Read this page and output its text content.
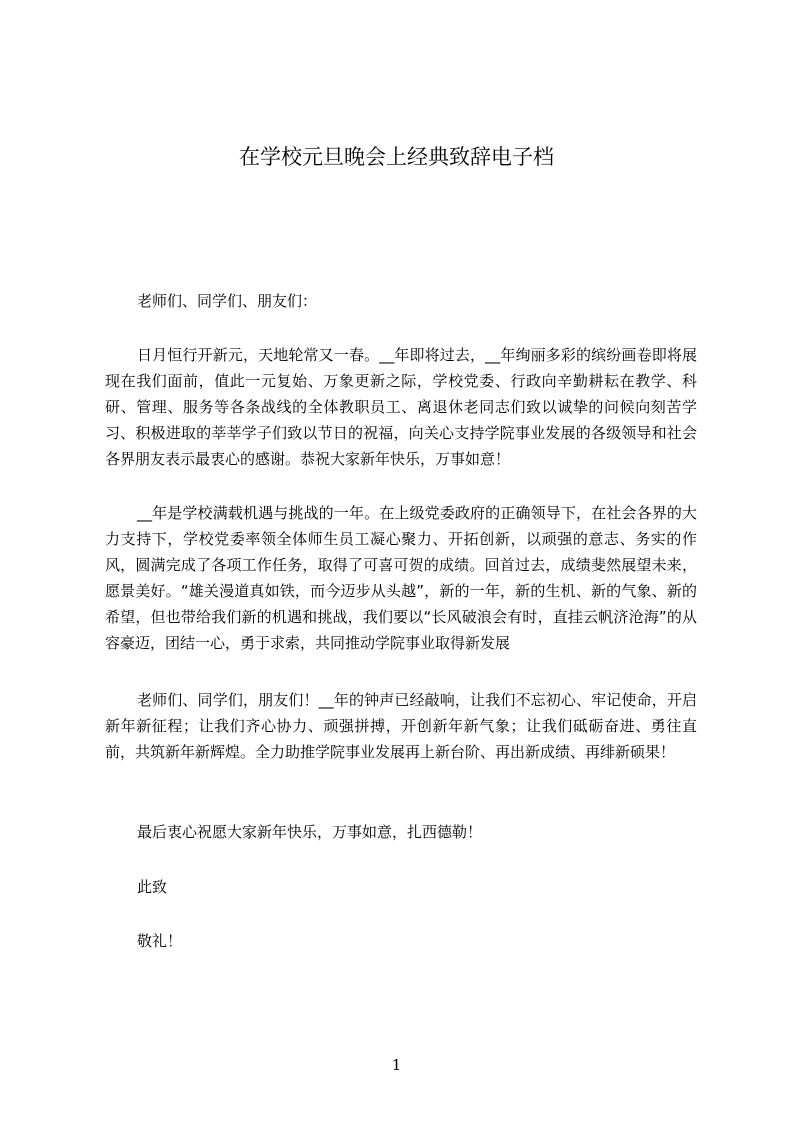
在学校元旦晚会上经典致辞电子档

老师们、同学们、朋友们：

日月恒行开新元，天地轮常又一春。__年即将过去，__年绚丽多彩的缤纷画卷即将展现在我们面前，值此一元复始、万象更新之际，学校党委、行政向辛勤耕耘在教学、科研、管理、服务等各条战线的全体教职员工、离退休老同志们致以诚挚的问候向刻苦学习、积极进取的莘莘学子们致以节日的祝福，向关心支持学院事业发展的各级领导和社会各界朋友表示最衷心的感谢。恭祝大家新年快乐，万事如意！

__年是学校满载机遇与挑战的一年。在上级党委政府的正确领导下，在社会各界的大力支持下，学校党委率领全体师生员工凝心聚力、开拓创新，以顽强的意志、务实的作风，圆满完成了各项工作任务，取得了可喜可贺的成绩。回首过去，成绩斐然展望未来，愿景美好。“雄关漫道真如铁，而今迈步从头越”，新的一年，新的生机、新的气象、新的希望，但也带给我们新的机遇和挑战，我们要以“长风破浪会有时，直挂云帆济沧海”的从容豪迈，团结一心，勇于求索，共同推动学院事业取得新发展

老师们、同学们，朋友们！__年的钟声已经敲响，让我们不忘初心、牢记使命，开启新年新征程；让我们齐心协力、顽强拼搏，开创新年新气象；让我们砥砺奋进、勇往直前，共筑新年新辉煌。全力助推学院事业发展再上新台阶、再出新成绩、再绯新硕果！

最后衷心祝愿大家新年快乐，万事如意，扎西德勒！

此致

敬礼！

1
